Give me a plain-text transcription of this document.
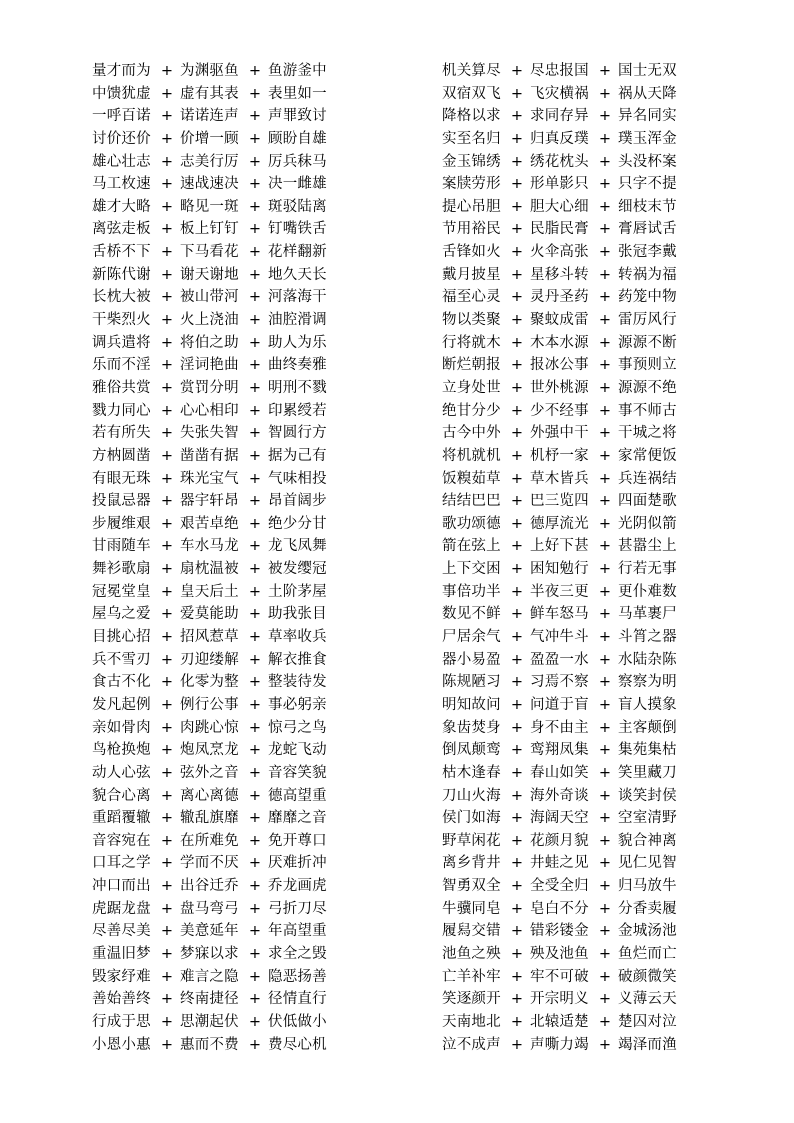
量才而为 + 为渊驱鱼 + 鱼游釜中
中馈犹虚 + 虚有其表 + 表里如一
一呼百诺 + 诺诺连声 + 声罪致讨
讨价还价 + 价增一顾 + 顾盼自雄
雄心壮志 + 志美行厉 + 厉兵秣马
马工枚速 + 速战速决 + 决一雌雄
雄才大略 + 略见一斑 + 斑驳陆离
离弦走板 + 板上钉钉 + 钉嘴铁舌
舌桥不下 + 下马看花 + 花样翻新
新陈代谢 + 谢天谢地 + 地久天长
长枕大被 + 被山带河 + 河落海干
干柴烈火 + 火上浇油 + 油腔滑调
调兵遣将 + 将伯之助 + 助人为乐
乐而不淫 + 淫词艳曲 + 曲终奏雅
雅俗共赏 + 赏罚分明 + 明刑不戮
戮力同心 + 心心相印 + 印累绶若
若有所失 + 失张失智 + 智圆行方
方枘圆凿 + 凿凿有据 + 据为己有
有眼无珠 + 珠光宝气 + 气味相投
投鼠忌器 + 器宇轩昂 + 昂首阔步
步履维艰 + 艰苦卓绝 + 绝少分甘
甘雨随车 + 车水马龙 + 龙飞凤舞
舞衫歌扇 + 扇枕温被 + 被发缨冠
冠冕堂皇 + 皇天后土 + 土阶茅屋
屋乌之爱 + 爱莫能助 + 助我张目
目挑心招 + 招风惹草 + 草率收兵
兵不雪刃 + 刃迎缕解 + 解衣推食
食古不化 + 化零为整 + 整装待发
发凡起例 + 例行公事 + 事必躬亲
亲如骨肉 + 肉跳心惊 + 惊弓之鸟
鸟枪换炮 + 炮凤烹龙 + 龙蛇飞动
动人心弦 + 弦外之音 + 音容笑貌
貌合心离 + 离心离德 + 德高望重
重蹈覆辙 + 辙乱旗靡 + 靡靡之音
音容宛在 + 在所难免 + 免开尊口
口耳之学 + 学而不厌 + 厌难折冲
冲口而出 + 出谷迁乔 + 乔龙画虎
虎踞龙盘 + 盘马弯弓 + 弓折刀尽
尽善尽美 + 美意延年 + 年高望重
重温旧梦 + 梦寐以求 + 求全之毁
毁家纾难 + 难言之隐 + 隐恶扬善
善始善终 + 终南捷径 + 径情直行
行成于思 + 思潮起伏 + 伏低做小
小恩小惠 + 惠而不费 + 费尽心机
机关算尽 + 尽忠报国 + 国士无双
双宿双飞 + 飞灾横祸 + 祸从天降
降格以求 + 求同存异 + 异名同实
实至名归 + 归真反璞 + 璞玉浑金
金玉锦绣 + 绣花枕头 + 头没杯案
案牍劳形 + 形单影只 + 只字不提
提心吊胆 + 胆大心细 + 细枝末节
节用裕民 + 民脂民膏 + 膏唇试舌
舌锋如火 + 火伞高张 + 张冠李戴
戴月披星 + 星移斗转 + 转祸为福
福至心灵 + 灵丹圣药 + 药笼中物
物以类聚 + 聚蚊成雷 + 雷厉风行
行将就木 + 木本水源 + 源源不断
断烂朝报 + 报冰公事 + 事预则立
立身处世 + 世外桃源 + 源源不绝
绝甘分少 + 少不经事 + 事不师古
古今中外 + 外强中干 + 干城之将
将机就机 + 机杼一家 + 家常便饭
饭糗茹草 + 草木皆兵 + 兵连祸结
结结巴巴 + 巴三览四 + 四面楚歌
歌功颂德 + 德厚流光 + 光阴似箭
箭在弦上 + 上好下甚 + 甚嚣尘上
上下交困 + 困知勉行 + 行若无事
事倍功半 + 半夜三更 + 更仆难数
数见不鲜 + 鲜车怒马 + 马革裹尸
尸居余气 + 气冲牛斗 + 斗筲之器
器小易盈 + 盈盈一水 + 水陆杂陈
陈规陋习 + 习焉不察 + 察察为明
明知故问 + 问道于盲 + 盲人摸象
象齿焚身 + 身不由主 + 主客颠倒
倒凤颠鸾 + 鸾翔凤集 + 集苑集枯
枯木逢春 + 春山如笑 + 笑里藏刀
刀山火海 + 海外奇谈 + 谈笑封侯
侯门如海 + 海阔天空 + 空室清野
野草闲花 + 花颜月貌 + 貌合神离
离乡背井 + 井蛙之见 + 见仁见智
智勇双全 + 全受全归 + 归马放牛
牛骥同皂 + 皂白不分 + 分香卖履
履舄交错 + 错彩镂金 + 金城汤池
池鱼之殃 + 殃及池鱼 + 鱼烂而亡
亡羊补牢 + 牢不可破 + 破颜微笑
笑逐颜开 + 开宗明义 + 义薄云天
天南地北 + 北辕适楚 + 楚囚对泣
泣不成声 + 声嘶力竭 + 竭泽而渔
